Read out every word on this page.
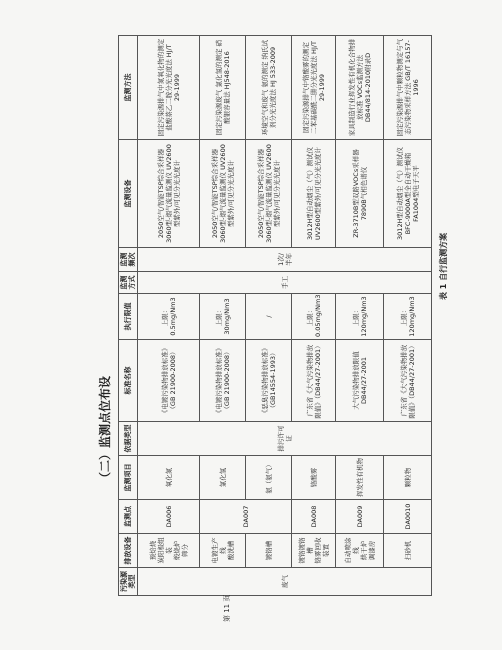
（二）监测点位布设
污染源类型	排放设备	监测点	监测项目	依据类型	标准名称	执行限值	监测方式	监测频次	监测设备	监测方法
废气	预焙烧 炭阳极组装 煅烧炉 筛分	DA006	氧化氮	排污许可证	《电镀污染物排放标准》（GB 21900-2008）	上限：0.5mg/Nm3	手工	1次/半年	2050空气/智能TSP综合采样器 3060型-烟气流量监测仪 UV2600型紫外/可见分光光度计	固定污染源排气中氮氧化物的测定 盐酸萘乙二胺分光光度法 HJ/T 29-1999

	电镀生产线 酸洗槽	DA007	氯化氢		《电镀污染物排放标准》（GB 21900-2008）	上限：30mg/Nm3			2050空气/智能TSP综合采样器 3060型-烟气流量监测仪 UV2600型紫外/可见分光光度计	固定污染源废气 氯化氢的测定 硝酸银容量法 HJ548-2016
	镀铬槽		氨（氨气）		《恶臭污染物排放标准》（GB14554-1993）	/			2050空气/智能TSP综合采样器 3060型-烟气流量监测仪 UV2600型紫外/可见分光光度计	环境空气和废气 氨的测定 纳氏试剂分光光度法 HJ 533-2009

	镀铬镀铬槽 铬雾回收装置	DA008	铬酸雾		广东省《大气污染物排放限值》（DB44/27-2001）	上限：0.05mg/Nm3			3012H型自动烟尘（气）测试仪 UV2600型紫外/可见分光光度计	固定污染源排气中铬酸雾的测定 二苯基碳酰二肼分光光度法 HJ/T 29-1999

	自动喷涂线 烘干炉 调漆房	DA009	挥发性有机物		大气污染物排放限值 DB44/27-2001	上限：120mg/Nm3			ZR-3710B型双路VOCs采样器 7890B气相色谱仪	家具制造行业挥发性有机化合物排放标准 VOCs监测方法 DB44/814-2010附录D
	扫砂机	DA0010	颗粒物		广东省《大气污染物排放限值》（DB44/27-2001）	上限：120mg/Nm3			3012H型自动烟尘（气）测试仪 BFC-9000A型全自动干燥箱 FA1004型电子天平	固定污染源排气中颗粒物测定与气态污染物采样方法 GB/T 16157-1996
表 1 自行监测方案
第 11 页
